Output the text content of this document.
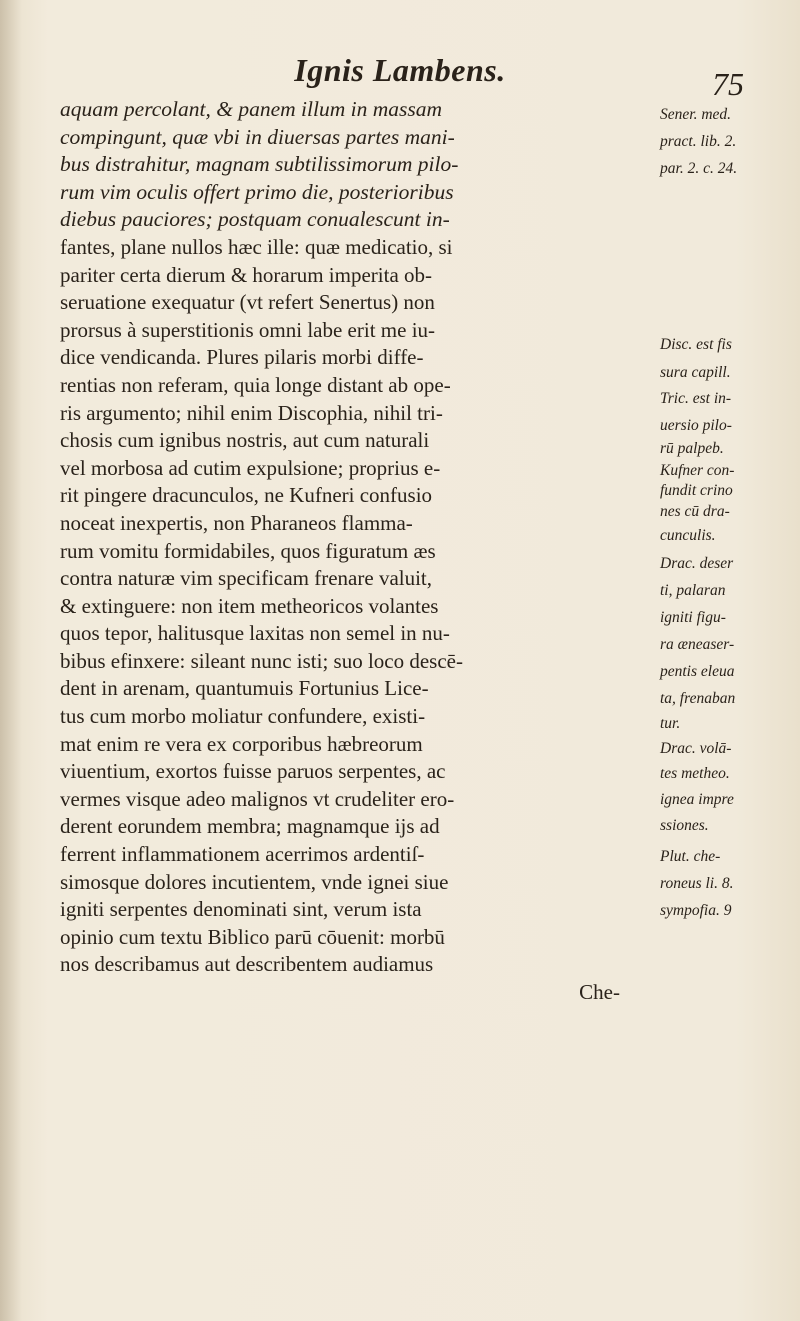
Ignis Lambens.	75
aquam percolant, & panem illum in massam
compingunt, quæ vbi in diuersas partes mani-
bus distrahitur, magnam subtilissimorum pilo-
rum vim oculis offert primo die, posterioribus
diebus pauciores; postquam conualescunt in-
fantes, plane nullos hæc ille: quæ medicatio, si
pariter certa dierum & horarum imperita ob-
seruatione exequatur (vt refert Senertus) non
prorsus à superstitionis omni labe erit me iu-
dice vendicanda. Plures pilaris morbi diffe-
rentias non referam, quia longe distant ab ope-
ris argumento; nihil enim Discophia, nihil tri-
chosis cum ignibus nostris, aut cum naturali
vel morbosa ad cutim expulsione; proprius e-
rit pingere dracunculos, ne Kufneri confusio
noceat inexpertis, non Pharaneos flamma-
rum vomitu formidabiles, quos figuratum æs
contra naturæ vim specificam frenare valuit,
& extinguere: non item metheoricos volantes
quos tepor, halitusque laxitas non semel in nu-
bibus efinxere: sileant nunc isti; suo loco descē-
dent in arenam, quantumuis Fortunius Lice-
tus cum morbo moliatur confundere, existi-
mat enim re vera ex corporibus hæbreorum
viuentium, exortos fuisse paruos serpentes, ac
vermes visque adeo malignos vt crudeliter ero-
derent eorundem membra; magnamque ijs ad
ferrent inflammationem acerrimos ardentiſ-
simosque dolores incutientem, vnde ignei siue
igniti serpentes denominati sint, verum ista
opinio cum textu Biblico parū cōuenit: morbū
nos describamus aut describentem audiamus
Che-
Sener. med.
pract. lib. 2.
par. 2. c. 24.
Disc. est fis
sura capill.
Tric. est in-
uersio pilo-
rū palpeb.
Kufner con-
fundit crino
nes cū dra-
cunculis.
Drac. deser
ti, palaran
igniti figu-
ra æneaser-
pentis eleua
ta, frenaban
tur.
Drac. volā-
tes metheo.
ignea impre
ssiones.
Plut. che-
roneus li. 8.
sympofia. 9
